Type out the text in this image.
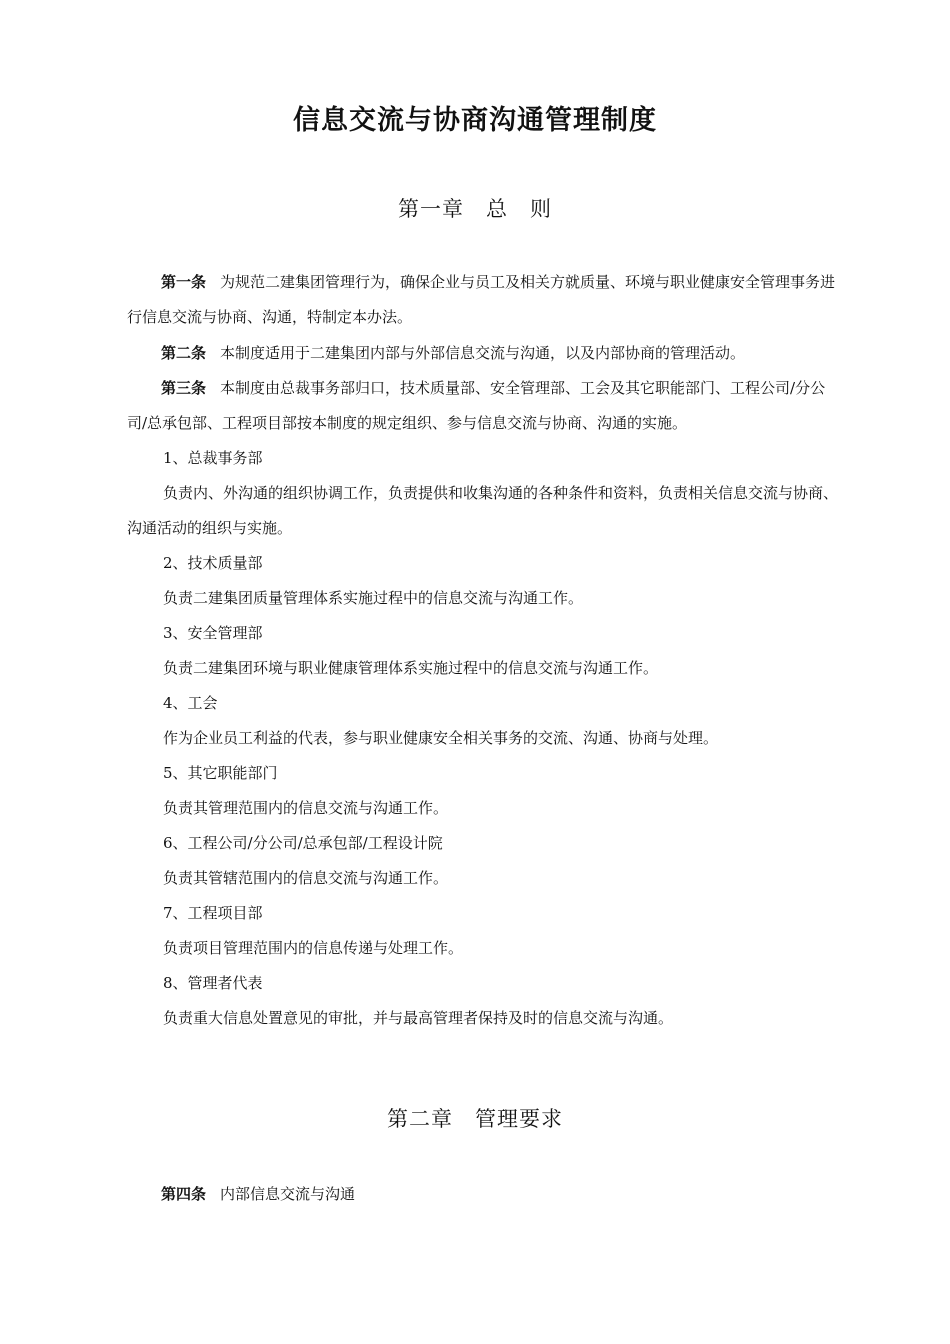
信息交流与协商沟通管理制度
第一章　总　则

第一条 为规范二建集团管理行为，确保企业与员工及相关方就质量、环境与职业健康安全管理事务进行信息交流与协商、沟通，特制定本办法。

第二条 本制度适用于二建集团内部与外部信息交流与沟通，以及内部协商的管理活动。

第三条 本制度由总裁事务部归口，技术质量部、安全管理部、工会及其它职能部门、工程公司/分公司/总承包部、工程项目部按本制度的规定组织、参与信息交流与协商、沟通的实施。

1、总裁事务部

负责内、外沟通的组织协调工作，负责提供和收集沟通的各种条件和资料，负责相关信息交流与协商、沟通活动的组织与实施。

2、技术质量部
负责二建集团质量管理体系实施过程中的信息交流与沟通工作。
3、安全管理部
负责二建集团环境与职业健康管理体系实施过程中的信息交流与沟通工作。
4、工会
作为企业员工利益的代表，参与职业健康安全相关事务的交流、沟通、协商与处理。
5、其它职能部门
负责其管理范围内的信息交流与沟通工作。
6、工程公司/分公司/总承包部/工程设计院
负责其管辖范围内的信息交流与沟通工作。
7、工程项目部
负责项目管理范围内的信息传递与处理工作。
8、管理者代表
负责重大信息处置意见的审批，并与最高管理者保持及时的信息交流与沟通。
第二章　管理要求

第四条 内部信息交流与沟通
